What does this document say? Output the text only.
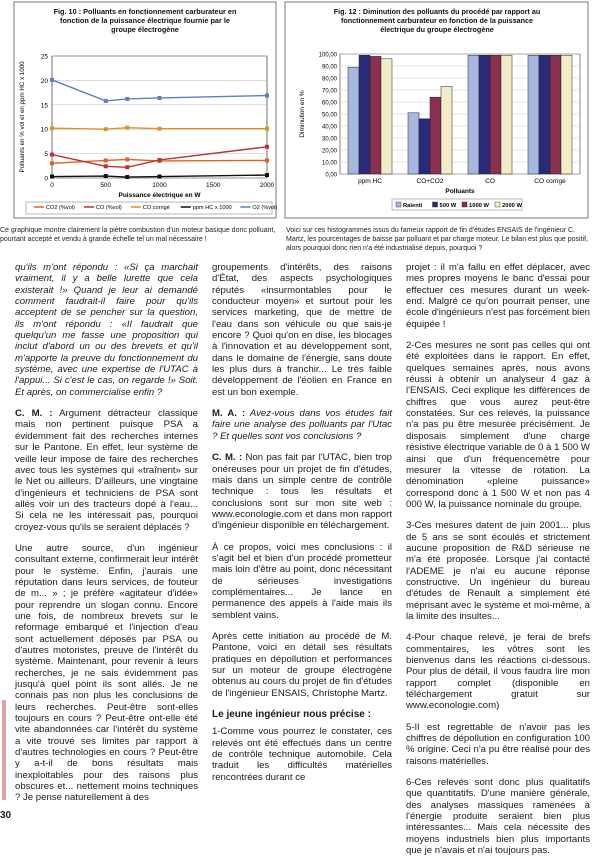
Fig. 10 : Polluants en fonctionnement carburateur en
fonction de la puissance électrique fournie par le
groupe électrogène
0
5
10
15
20
25
0	500	1000	1500	2000
Puissance électrique en W
Polluants en % vol et en ppm HC x 1000
CO2 (%vol)	CO (%vol)	CO corrigé	ppm HC x 1000	O2 (%vol)
Fig. 12 : Diminution des polluants du procédé par rapport au
fonctionnement carburateur en fonction de la puissance
électrique du groupe électrogène
0,00
10,00
20,00
30,00
40,00
50,00
60,00
70,00
80,00
90,00
100,00
Diminution en %
ppm HC	CO+CO2	CO	CO corrigé
Polluants
Ralenti	500 W 1000 W 2000 W
Ce graphique montre clairement la piètre combustion d'un moteur basique donc polluant, pourtant accepté et vendu à grande échelle tel un mal nécessaire !
Voici sur ces histogrammes issus du fameux rapport de fin d'études ENSAIS de l'ingénieur C. Martz, les pourcentages de baisse par polluant et par charge moteur. Le bilan est plus que positif, alors pourquoi donc rien n'a été industrialisé depuis, pourquoi ?

qu'ils m'ont répondu : «Si ça marchait vraiment, il y a belle lurette que cela existerait !» Quand je leur ai demandé comment faudrait-il faire pour qu'ils acceptent de se pencher sur la question, ils m'ont répondu : «Il faudrait que quelqu'un me fasse une proposition qui inclut d'abord un ou des brevets et qu'il m'apporte la preuve du fonctionnement du système, avec une expertise de l'UTAC à l'appui... Si c'est le cas, on regarde !» Soit. Et après, on commercialise enfin ?

C. M. : Argument détracteur classique mais non pertinent puisque PSA a évidemment fait des recherches internes sur le Pantone. En effet, leur système de veille leur impose de faire des recherches avec tous les systèmes qui «traînent» sur le Net ou ailleurs. D'ailleurs, une vingtaine d'ingénieurs et techniciens de PSA sont allés voir un des tracteurs dopé à l'eau... Si cela ne les intéressait pas, pourquoi croyez-vous qu'ils se seraient déplacés ?

Une autre source, d'un ingénieur consultant externe, confirmerait leur intérêt pour le système. Enfin, j'aurais une réputation dans leurs services, de fouteur de m... » ; je préfère «agitateur d'idée» pour reprendre un slogan connu. Encore une fois, de nombreux brevets sur le reformage embarqué et l'injection d'eau sont actuellement déposés par PSA ou d'autres motoristes, preuve de l'intérêt du système. Maintenant, pour revenir à leurs recherches, je ne sais évidemment pas jusqu'à quel point ils sont allés. Je ne connais pas non plus les conclusions de leurs recherches. Peut-être sont-elles toujours en cours ? Peut-être ont-elle été vite abandonnées car l'intérêt du système a vite trouvé ses limites par rapport à d'autres technologies en cours ? Peut-être y a-t-il de bons résultats mais inexploitables pour des raisons plus obscures et... nettement moins techniques ? Je pense naturellement à des

groupements d'intérêts, des raisons d'État, des aspects psychologiques réputés «insurmontables pour le conducteur moyen» et surtout pour les services marketing, que de mettre de l'eau dans son véhicule ou que sais-je encore ? Quoi qu'on en dise, les blocages à l'innovation et au développement sont, dans le domaine de l'énergie, sans doute les plus durs à franchir... Le très faible développement de l'éolien en France en est un bon exemple.

M. A. : Avez-vous dans vos études fait faire une analyse des polluants par l'Utac ? Et quelles sont vos conclusions ?

C. M. : Non pas fait par l'UTAC, bien trop onéreuses pour un projet de fin d'études, mais dans un simple centre de contrôle technique : tous les résultats et conclusions sont sur mon site web : www.econologie.com et dans mon rapport d'ingénieur disponible en téléchargement.

À ce propos, voici mes conclusions : il s'agit bel et bien d'un procédé prometteur mais loin d'être au point, donc nécessitant de sérieuses investigations complémentaires... Je lance en permanence des appels à l'aide mais ils semblent vains.

Après cette initiation au procédé de M. Pantone, voici en détail ses résultats pratiques en dépollution et performances sur un moteur de groupe électrogène obtenus au cours du projet de fin d'études de l'ingénieur ENSAIS, Christophe Martz.

Le jeune ingénieur nous précise :

1-Comme vous pourrez le constater, ces relevés ont été effectués dans un centre de contrôle technique automobile. Cela traduit les difficultés matérielles rencontrées durant ce

projet : il m'a fallu en effet déplacer, avec mes propres moyens le banc d'essai pour effectuer ces mesures durant un week-end. Malgré ce qu'on pourrait penser, une école d'ingénieurs n'est pas forcément bien équipée !

2-Ces mesures ne sont pas celles qui ont été exploitées dans le rapport. En effet, quelques semaines après, nous avons réussi à obtenir un analyseur 4 gaz à l'ENSAIS. Ceci explique les différences de chiffres que vous aurez peut-être constatées. Sur ces relevés, la puissance n'a pas pu être mesurée précisément. Je disposais simplement d'une charge résistive électrique variable de 0 à 1 500 W ainsi que d'un fréquencemètre pour mesurer la vitesse de rotation. La dénomination «pleine puissance» correspond donc à 1 500 W et non pas 4 000 W, la puissance nominale du groupe.

3-Ces mesures datent de juin 2001... plus de 5 ans se sont écoulés et strictement aucune proposition de R&D sérieuse ne m'a été proposée. Lorsque j'ai contacté l'ADEME je n'ai eu aucune réponse constructive. Un ingénieur du bureau d'études de Renault a simplement été méprisant avec le système et moi-même, à la limite des insultes...

4-Pour chaque relevé, je ferai de brefs commentaires, les vôtres sont les bienvenus dans les réactions ci-dessous. Pour plus de détail, il vous faudra lire mon rapport complet (disponible en téléchargement gratuit sur www.econologie.com)

5-Il est regrettable de n'avoir pas les chiffres de dépollution en configuration 100 % origine. Ceci n'a pu être réalisé pour des raisons matérielles.

6-Ces relevés sont donc plus qualitatifs que quantitatifs. D'une manière générale, des analyses massiques ramenées à l'énergie produite seraient bien plus intéressantes... Mais cela nécessite des moyens industriels bien plus importants que je n'avais et n'ai toujours pas.

30
